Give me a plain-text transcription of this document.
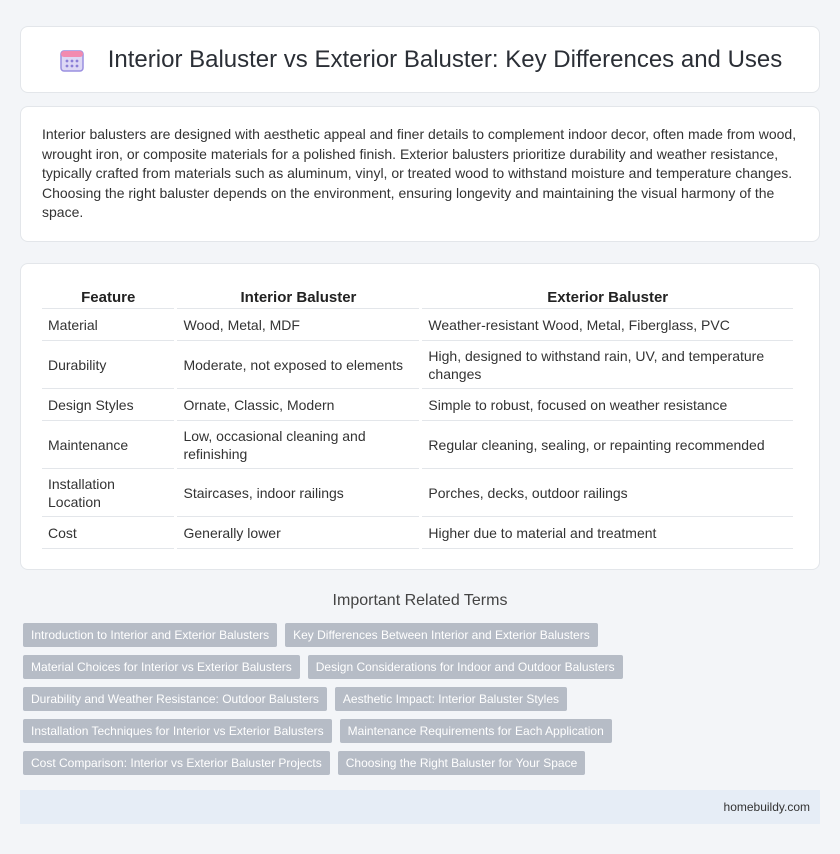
Interior Baluster vs Exterior Baluster: Key Differences and Uses

Interior balusters are designed with aesthetic appeal and finer details to complement indoor decor, often made from wood, wrought iron, or composite materials for a polished finish. Exterior balusters prioritize durability and weather resistance, typically crafted from materials such as aluminum, vinyl, or treated wood to withstand moisture and temperature changes. Choosing the right baluster depends on the environment, ensuring longevity and maintaining the visual harmony of the space.

Feature	Interior Baluster	Exterior Baluster
Material	Wood, Metal, MDF	Weather-resistant Wood, Metal, Fiberglass, PVC
Durability	Moderate, not exposed to elements	High, designed to withstand rain, UV, and temperature changes
Design Styles	Ornate, Classic, Modern	Simple to robust, focused on weather resistance
Maintenance	Low, occasional cleaning and refinishing	Regular cleaning, sealing, or repainting recommended
Installation Location	Staircases, indoor railings	Porches, decks, outdoor railings
Cost	Generally lower	Higher due to material and treatment
Important Related Terms
Introduction to Interior and Exterior Balusters	Key Differences Between Interior and Exterior Balusters
Material Choices for Interior vs Exterior Balusters	Design Considerations for Indoor and Outdoor Balusters
Durability and Weather Resistance: Outdoor Balusters	Aesthetic Impact: Interior Baluster Styles
Installation Techniques for Interior vs Exterior Balusters	Maintenance Requirements for Each Application
Cost Comparison: Interior vs Exterior Baluster Projects	Choosing the Right Baluster for Your Space
homebuildy.com
